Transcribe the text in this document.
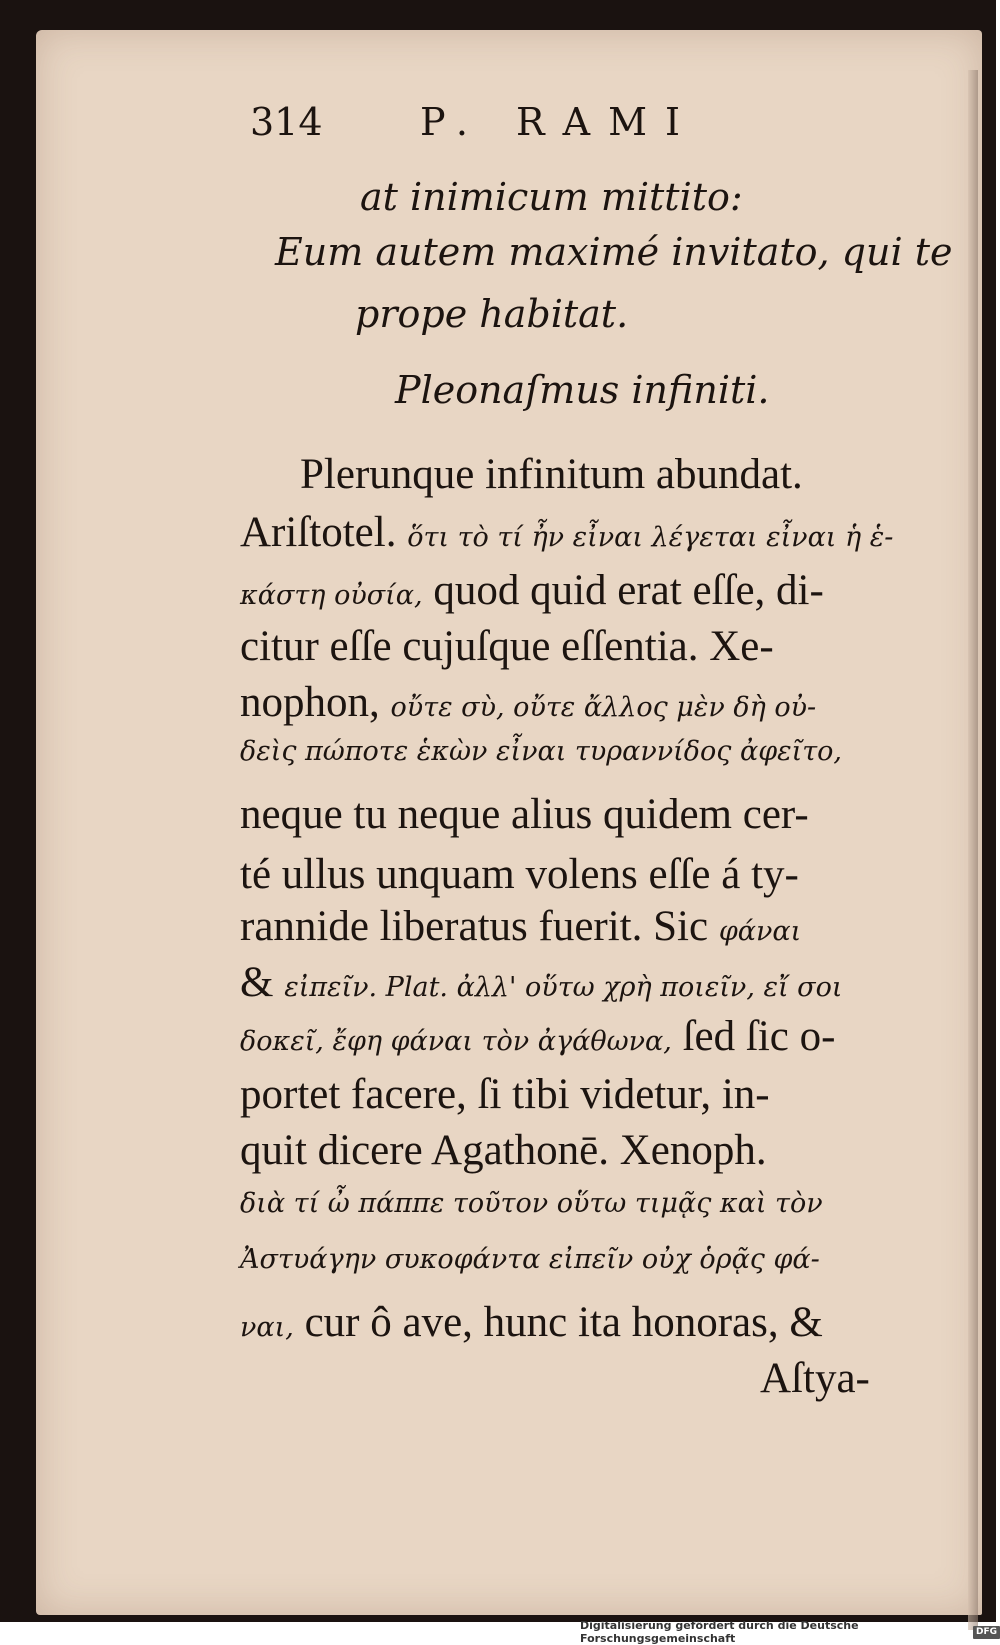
314	P. RAMI
at inimicum mittito:
Eum autem maximé invitato, qui te
prope habitat.
Pleonaſmus infiniti.
Plerunque infinitum abundat.
Ariſtotel. ὅτι τὸ τί ἦν εἶναι λέγεται εἶναι ἡ ἑ-
κάστη οὐσία, quod quid erat eſſe, di-
citur eſſe cujuſque eſſentia. Xe-
nophon, οὔτε σὺ, οὔτε ἄλλος μὲν δὴ οὐ-
δεὶς πώποτε ἑκὼν εἶναι τυραννίδος ἀφεῖτο,
neque tu neque alius quidem cer-
té ullus unquam volens eſſe á ty-
rannide liberatus fuerit. Sic φάναι
& εἰπεῖν. Plat. ἀλλ' οὕτω χρὴ ποιεῖν, εἴ σοι
δοκεῖ, ἔφη φάναι τὸν ἀγάθωνα, ſed ſic o-
portet facere, ſi tibi videtur, in-
quit dicere Agathonē. Xenoph.
διὰ τί ὦ πάππε τοῦτον οὕτω τιμᾷς καὶ τὸν
Ἀστυάγην συκοφάντα εἰπεῖν οὐχ ὁρᾷς φά-
ναι, cur ô ave, hunc ita honoras, &
Aſtya-
Digitalisierung gefördert durch die Deutsche Forschungsgemeinschaft
DFG
